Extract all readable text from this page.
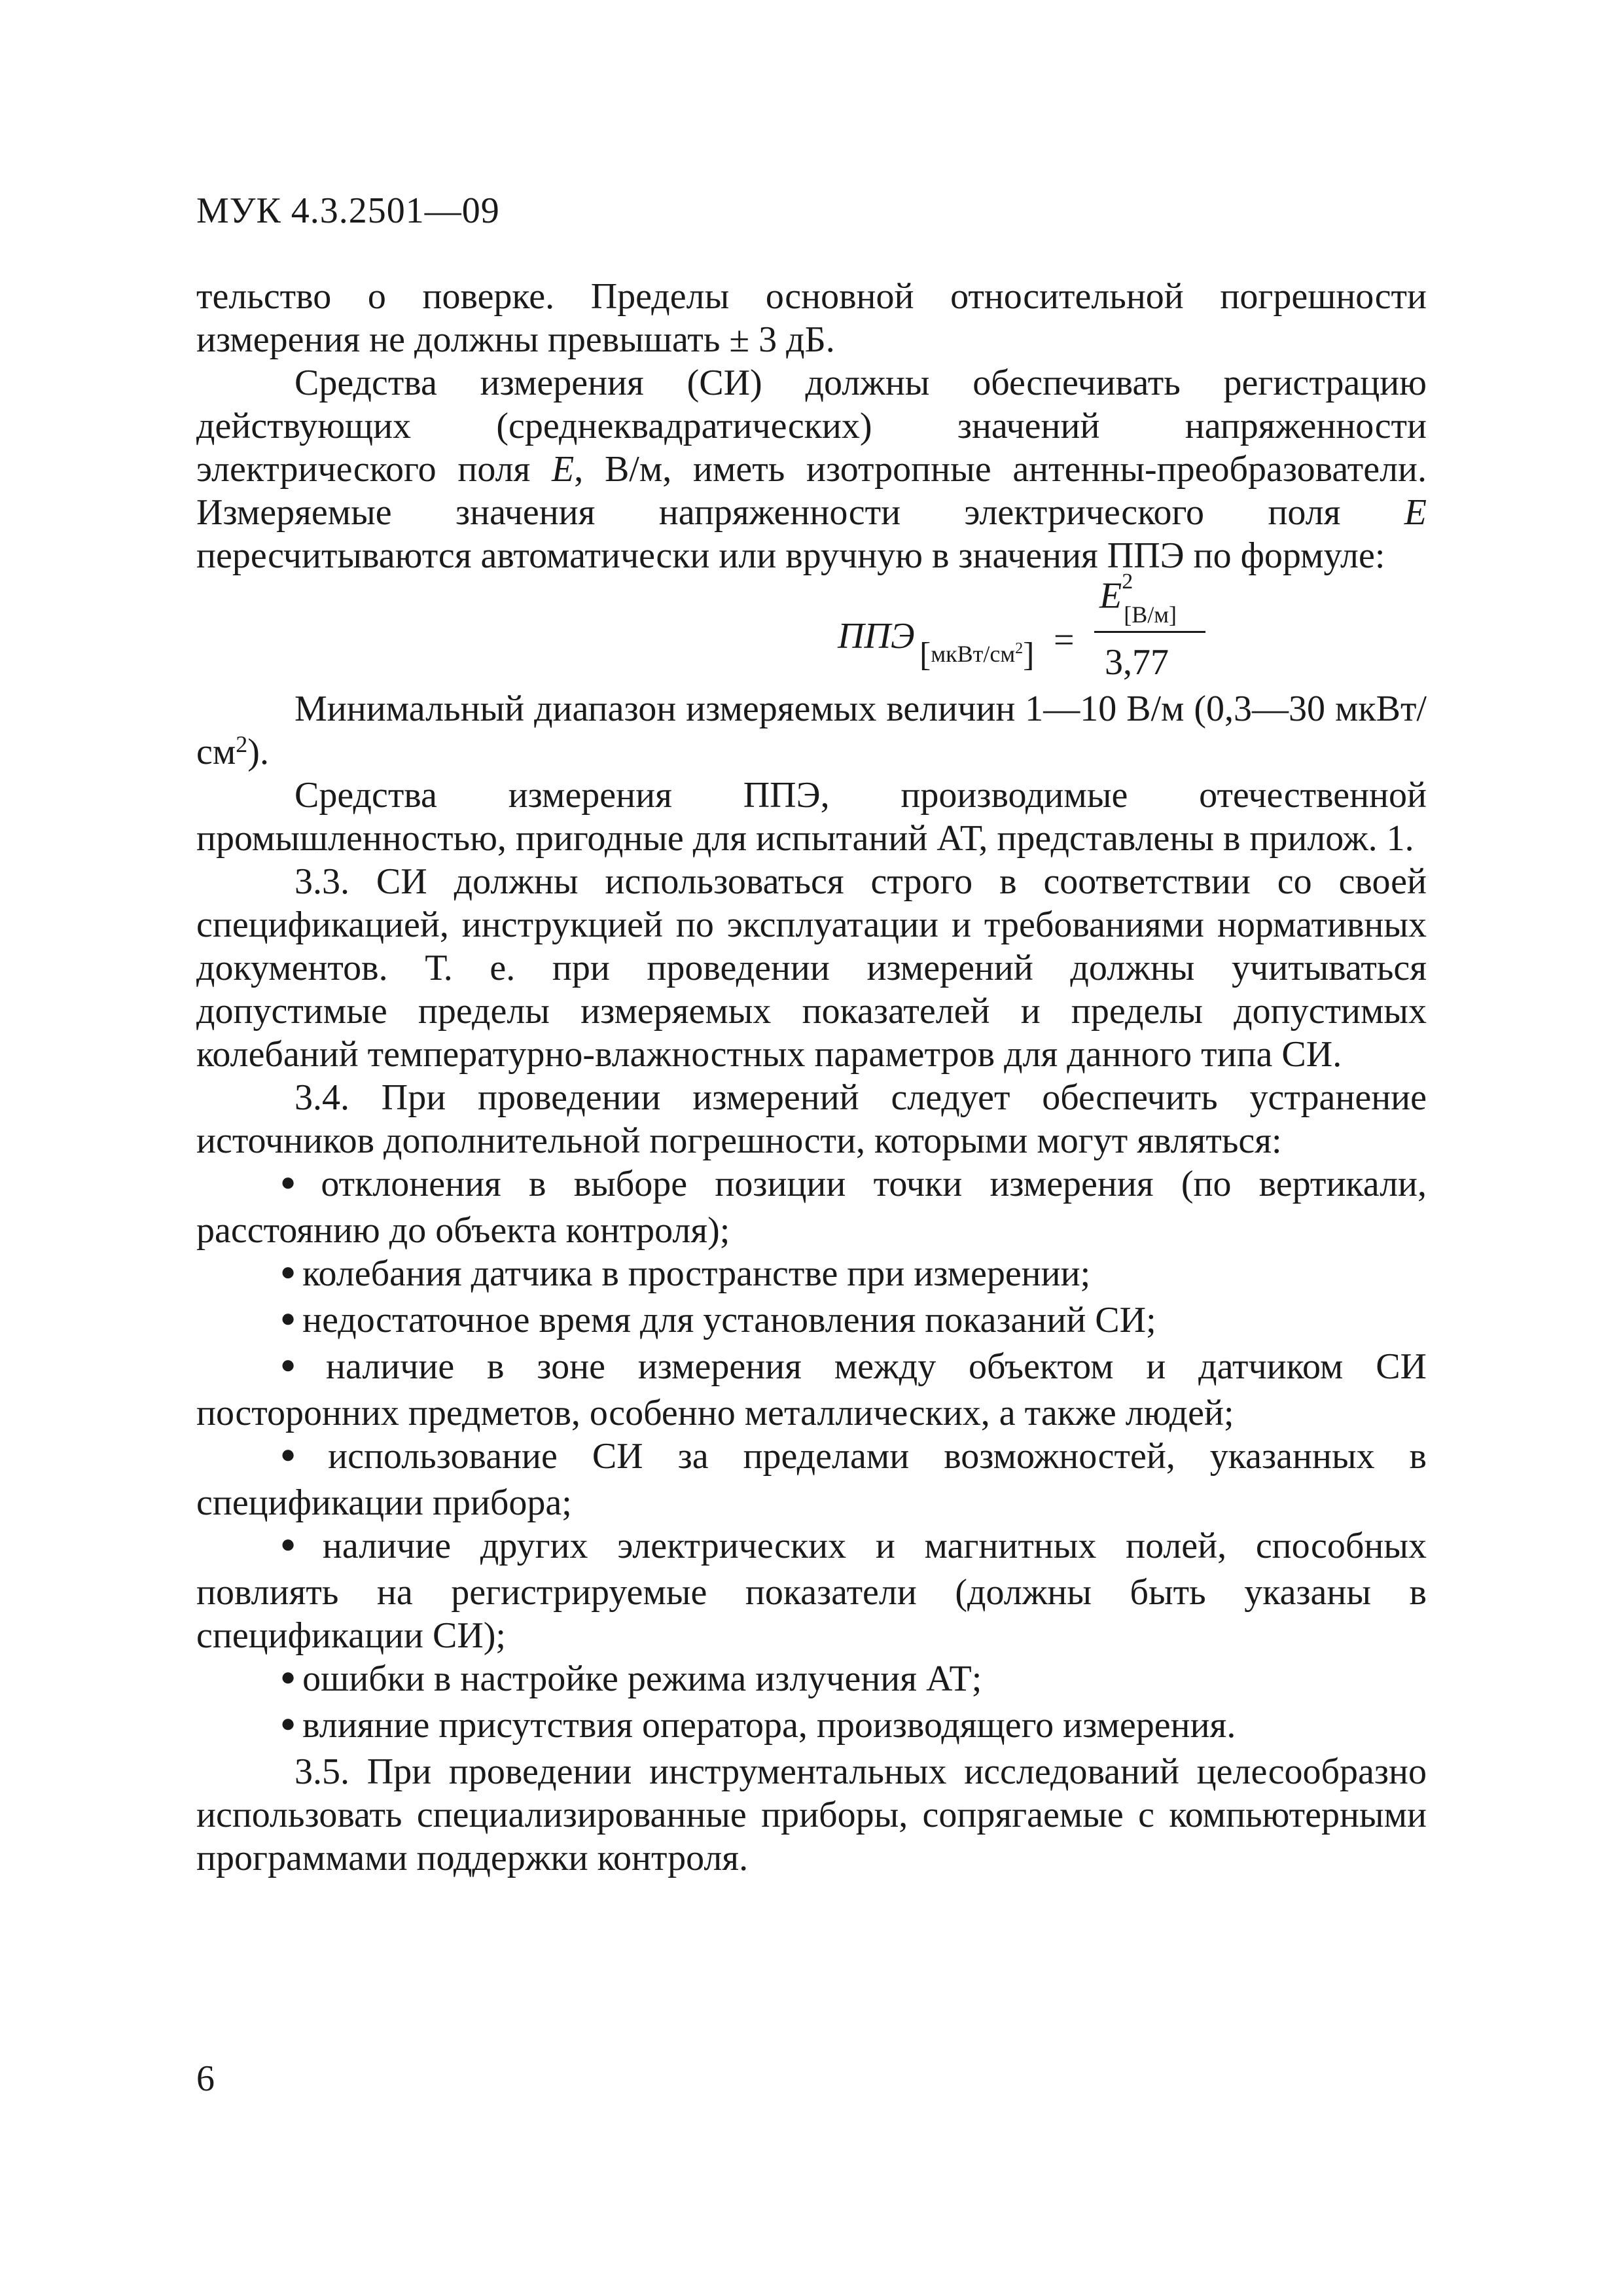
МУК 4.3.2501—09

тельство о поверке. Пределы основной относительной погрешности измерения не должны превышать ± 3 дБ.

Средства измерения (СИ) должны обеспечивать регистрацию действующих (среднеквадратических) значений напряженности электрического поля E, В/м, иметь изотропные антенны-преобразователи. Измеряемые значения напряженности электрического поля E пересчитываются автоматически или вручную в значения ППЭ по формуле:

ППЭ $[мкВт/см^2]$ =
$E^2_{[В/м]}$
3,77

Минимальный диапазон измеряемых величин 1—10 В/м (0,3—30 мкВт/$см^2$).

Средства измерения ППЭ, производимые отечественной промышленностью, пригодные для испытаний АТ, представлены в прилож. 1.

3.3. СИ должны использоваться строго в соответствии со своей спецификацией, инструкцией по эксплуатации и требованиями нормативных документов. Т. е. при проведении измерений должны учитываться допустимые пределы измеряемых показателей и пределы допустимых колебаний температурно-влажностных параметров для данного типа СИ.

3.4. При проведении измерений следует обеспечить устранение источников дополнительной погрешности, которыми могут являться:

● отклонения в выборе позиции точки измерения (по вертикали, расстоянию до объекта контроля);

● колебания датчика в пространстве при измерении;

● недостаточное время для установления показаний СИ;

● наличие в зоне измерения между объектом и датчиком СИ посторонних предметов, особенно металлических, а также людей;

● использование СИ за пределами возможностей, указанных в спецификации прибора;

● наличие других электрических и магнитных полей, способных повлиять на регистрируемые показатели (должны быть указаны в спецификации СИ);

● ошибки в настройке режима излучения АТ;

● влияние присутствия оператора, производящего измерения.

3.5. При проведении инструментальных исследований целесообразно использовать специализированные приборы, сопрягаемые с компьютерными программами поддержки контроля.

6
